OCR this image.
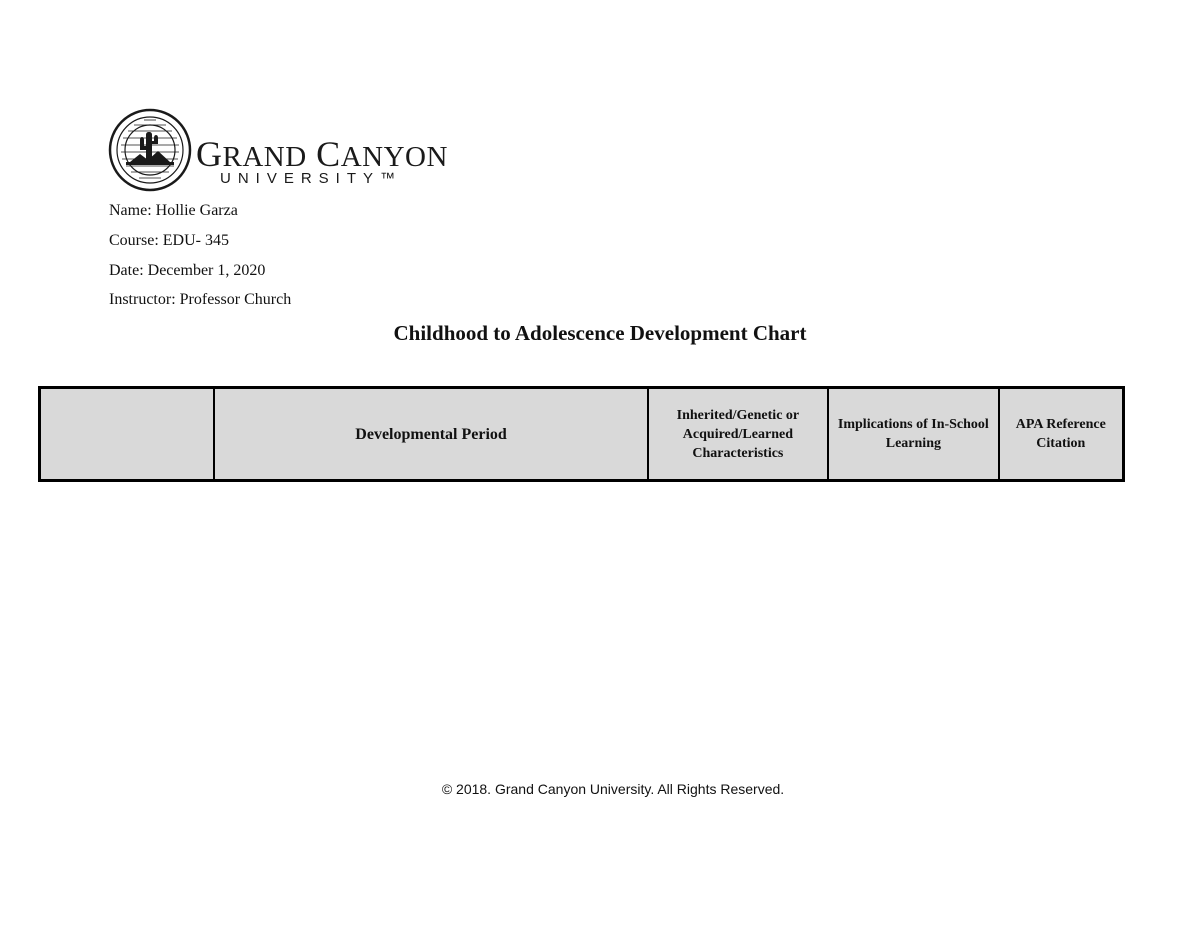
GRAND CANYON
UNIVERSITY™
Name: Hollie Garza
Course: EDU- 345
Date: December 1, 2020
Instructor: Professor Church
Childhood to Adolescence Development Chart
	Developmental Period	Inherited/Genetic or Acquired/Learned Characteristics	Implications of In-School Learning	APA Reference Citation
© 2018. Grand Canyon University. All Rights Reserved.
